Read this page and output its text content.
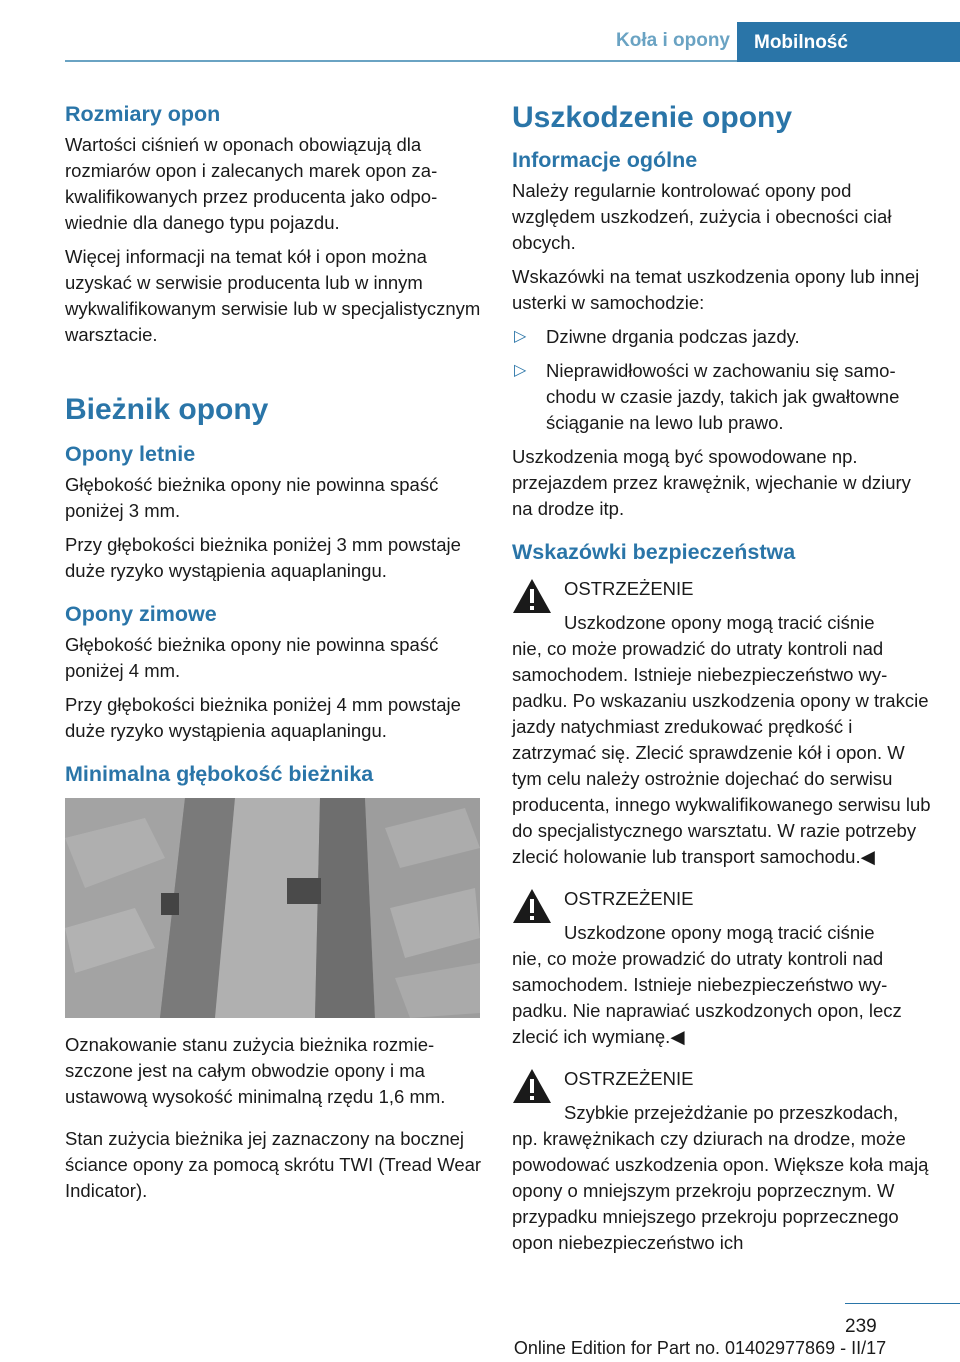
Koła i opony	Mobilność
Rozmiary opon

Wartości ciśnień w oponach obowiązują dla rozmiarów opon i zalecanych marek opon zakwalifikowanych przez producenta jako odpowiednie dla danego typu pojazdu.

Więcej informacji na temat kół i opon można uzyskać w serwisie producenta lub w innym wykwalifikowanym serwisie lub w specjalistycznym warsztacie.

Bieżnik opony
Opony letnie

Głębokość bieżnika opony nie powinna spaść poniżej 3 mm.

Przy głębokości bieżnika poniżej 3 mm powstaje duże ryzyko wystąpienia aquaplaningu.

Opony zimowe

Głębokość bieżnika opony nie powinna spaść poniżej 4 mm.

Przy głębokości bieżnika poniżej 4 mm powstaje duże ryzyko wystąpienia aquaplaningu.

Minimalna głębokość bieżnika

Oznakowanie stanu zużycia bieżnika rozmieszczone jest na całym obwodzie opony i ma ustawową wysokość minimalną rzędu 1,6 mm.

Stan zużycia bieżnika jej zaznaczony na bocznej ściance opony za pomocą skrótu TWI (Tread Wear Indicator).

Uszkodzenie opony
Informacje ogólne

Należy regularnie kontrolować opony pod względem uszkodzeń, zużycia i obecności ciał obcych.

Wskazówki na temat uszkodzenia opony lub innej usterki w samochodzie:

▷ Dziwne drgania podczas jazdy.
▷ Nieprawidłowości w zachowaniu się samochodu w czasie jazdy, takich jak gwałtowne ściąganie na lewo lub prawo.

Uszkodzenia mogą być spowodowane np. przejazdem przez krawężnik, wjechanie w dziury na drodze itp.

Wskazówki bezpieczeństwa

OSTRZEŻENIE

Uszkodzone opony mogą tracić ciśnie
nie, co może prowadzić do utraty kontroli nad samochodem. Istnieje niebezpieczeństwo wypadku. Po wskazaniu uszkodzenia opony w trakcie jazdy natychmiast zredukować prędkość i zatrzymać się. Zlecić sprawdzenie kół i opon. W tym celu należy ostrożnie dojechać do serwisu producenta, innego wykwalifikowanego serwisu lub do specjalistycznego warsztatu. W razie potrzeby zlecić holowanie lub transport samochodu.◀

OSTRZEŻENIE

Uszkodzone opony mogą tracić ciśnie
nie, co może prowadzić do utraty kontroli nad samochodem. Istnieje niebezpieczeństwo wypadku. Nie naprawiać uszkodzonych opon, lecz zlecić ich wymianę.◀

OSTRZEŻENIE

Szybkie przejeżdżanie po przeszkodach,
np. krawężnikach czy dziurach na drodze, może powodować uszkodzenia opon. Większe koła mają opony o mniejszym przekroju poprzecznym. W przypadku mniejszego przekroju poprzecznego opon niebezpieczeństwo ich

239
Online Edition for Part no. 01402977869 - II/17
